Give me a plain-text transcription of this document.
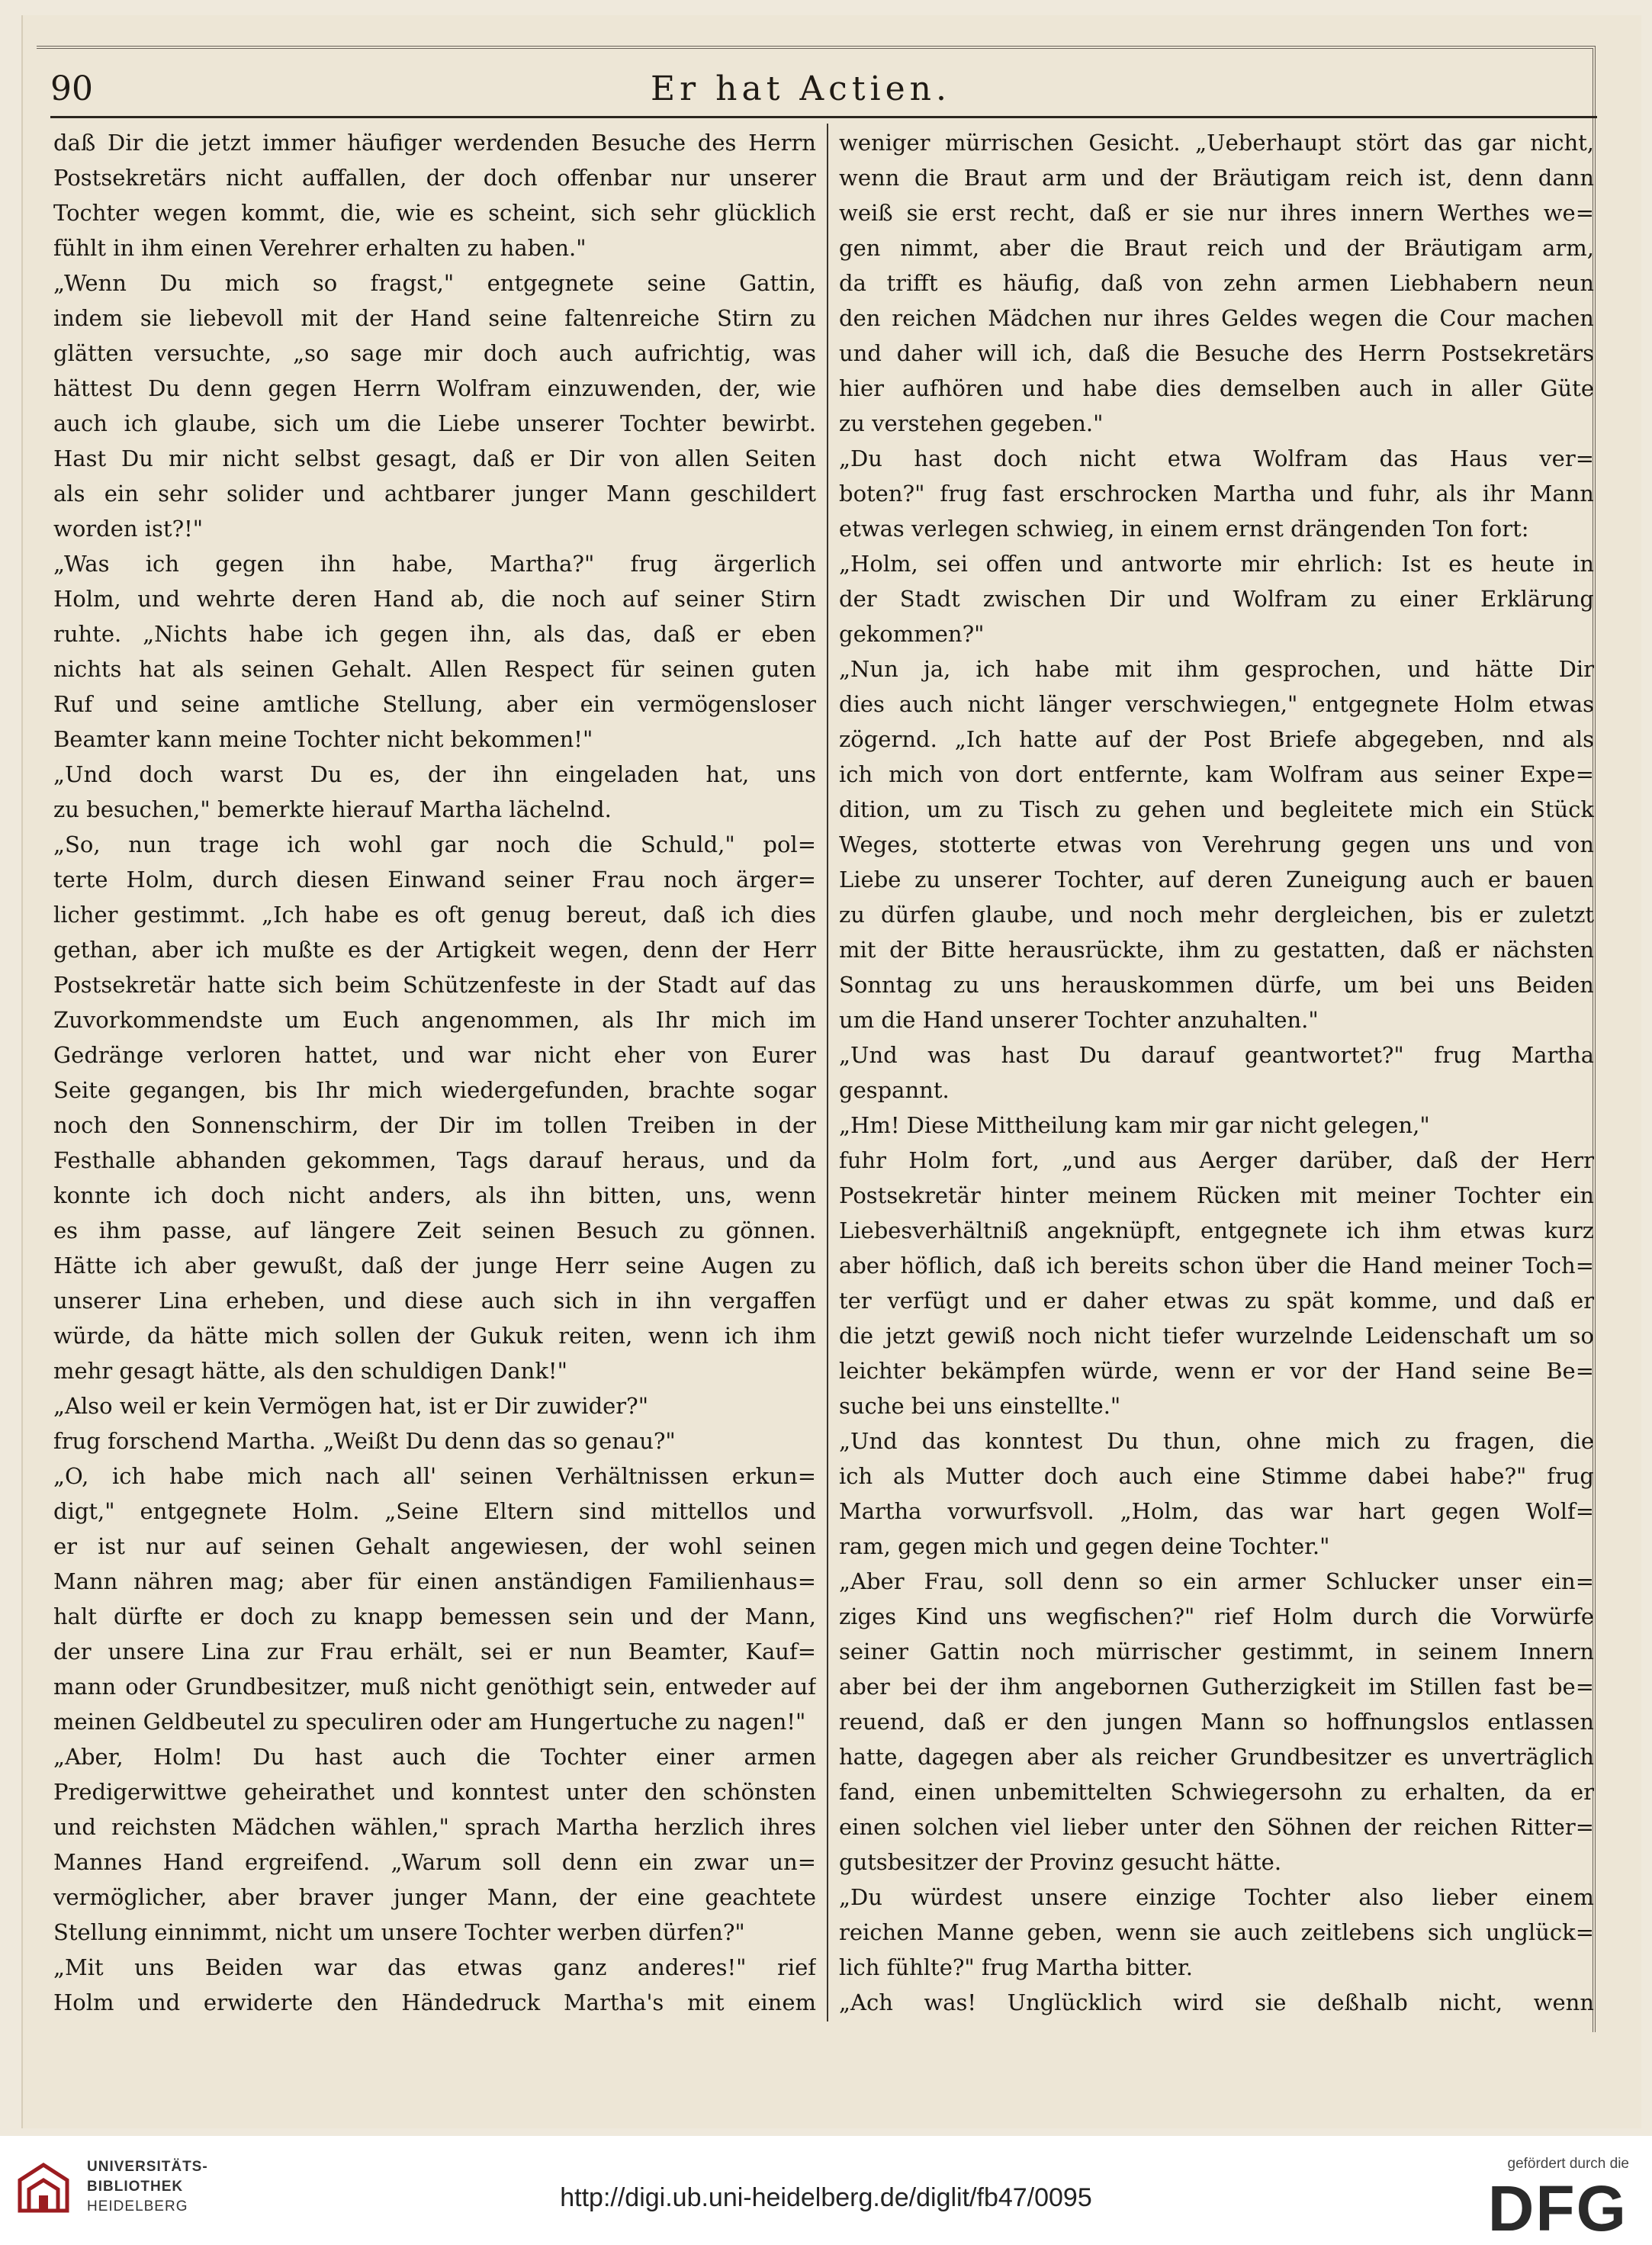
90	Er hat Actien.
daß Dir die jetzt immer häufiger werdenden Besuche des Herrn
Postsekretärs nicht auffallen, der doch offenbar nur unserer
Tochter wegen kommt, die, wie es scheint, sich sehr glücklich
fühlt in ihm einen Verehrer erhalten zu haben."
„Wenn Du mich so fragst," entgegnete seine Gattin,
indem sie liebevoll mit der Hand seine faltenreiche Stirn zu
glätten versuchte, „so sage mir doch auch aufrichtig, was
hättest Du denn gegen Herrn Wolfram einzuwenden, der, wie
auch ich glaube, sich um die Liebe unserer Tochter bewirbt.
Hast Du mir nicht selbst gesagt, daß er Dir von allen Seiten
als ein sehr solider und achtbarer junger Mann geschildert
worden ist?!"
„Was ich gegen ihn habe, Martha?" frug ärgerlich
Holm, und wehrte deren Hand ab, die noch auf seiner Stirn
ruhte. „Nichts habe ich gegen ihn, als das, daß er eben
nichts hat als seinen Gehalt. Allen Respect für seinen guten
Ruf und seine amtliche Stellung, aber ein vermögensloser
Beamter kann meine Tochter nicht bekommen!"
„Und doch warst Du es, der ihn eingeladen hat, uns
zu besuchen," bemerkte hierauf Martha lächelnd.
„So, nun trage ich wohl gar noch die Schuld," pol=
terte Holm, durch diesen Einwand seiner Frau noch ärger=
licher gestimmt. „Ich habe es oft genug bereut, daß ich dies
gethan, aber ich mußte es der Artigkeit wegen, denn der Herr
Postsekretär hatte sich beim Schützenfeste in der Stadt auf das
Zuvorkommendste um Euch angenommen, als Ihr mich im
Gedränge verloren hattet, und war nicht eher von Eurer
Seite gegangen, bis Ihr mich wiedergefunden, brachte sogar
noch den Sonnenschirm, der Dir im tollen Treiben in der
Festhalle abhanden gekommen, Tags darauf heraus, und da
konnte ich doch nicht anders, als ihn bitten, uns, wenn
es ihm passe, auf längere Zeit seinen Besuch zu gönnen.
Hätte ich aber gewußt, daß der junge Herr seine Augen zu
unserer Lina erheben, und diese auch sich in ihn vergaffen
würde, da hätte mich sollen der Gukuk reiten, wenn ich ihm
mehr gesagt hätte, als den schuldigen Dank!"
„Also weil er kein Vermögen hat, ist er Dir zuwider?"
frug forschend Martha. „Weißt Du denn das so genau?"
„O, ich habe mich nach all' seinen Verhältnissen erkun=
digt," entgegnete Holm. „Seine Eltern sind mittellos und
er ist nur auf seinen Gehalt angewiesen, der wohl seinen
Mann nähren mag; aber für einen anständigen Familienhaus=
halt dürfte er doch zu knapp bemessen sein und der Mann,
der unsere Lina zur Frau erhält, sei er nun Beamter, Kauf=
mann oder Grundbesitzer, muß nicht genöthigt sein, entweder auf
meinen Geldbeutel zu speculiren oder am Hungertuche zu nagen!"
„Aber, Holm! Du hast auch die Tochter einer armen
Predigerwittwe geheirathet und konntest unter den schönsten
und reichsten Mädchen wählen," sprach Martha herzlich ihres
Mannes Hand ergreifend. „Warum soll denn ein zwar un=
vermöglicher, aber braver junger Mann, der eine geachtete
Stellung einnimmt, nicht um unsere Tochter werben dürfen?"
„Mit uns Beiden war das etwas ganz anderes!" rief
Holm und erwiderte den Händedruck Martha's mit einem
weniger mürrischen Gesicht. „Ueberhaupt stört das gar nicht,
wenn die Braut arm und der Bräutigam reich ist, denn dann
weiß sie erst recht, daß er sie nur ihres innern Werthes we=
gen nimmt, aber die Braut reich und der Bräutigam arm,
da trifft es häufig, daß von zehn armen Liebhabern neun
den reichen Mädchen nur ihres Geldes wegen die Cour machen
und daher will ich, daß die Besuche des Herrn Postsekretärs
hier aufhören und habe dies demselben auch in aller Güte
zu verstehen gegeben."
„Du hast doch nicht etwa Wolfram das Haus ver=
boten?" frug fast erschrocken Martha und fuhr, als ihr Mann
etwas verlegen schwieg, in einem ernst drängenden Ton fort:
„Holm, sei offen und antworte mir ehrlich: Ist es heute in
der Stadt zwischen Dir und Wolfram zu einer Erklärung
gekommen?"
„Nun ja, ich habe mit ihm gesprochen, und hätte Dir
dies auch nicht länger verschwiegen," entgegnete Holm etwas
zögernd. „Ich hatte auf der Post Briefe abgegeben, nnd als
ich mich von dort entfernte, kam Wolfram aus seiner Expe=
dition, um zu Tisch zu gehen und begleitete mich ein Stück
Weges, stotterte etwas von Verehrung gegen uns und von
Liebe zu unserer Tochter, auf deren Zuneigung auch er bauen
zu dürfen glaube, und noch mehr dergleichen, bis er zuletzt
mit der Bitte herausrückte, ihm zu gestatten, daß er nächsten
Sonntag zu uns herauskommen dürfe, um bei uns Beiden
um die Hand unserer Tochter anzuhalten."
„Und was hast Du darauf geantwortet?" frug Martha
gespannt.
„Hm! Diese Mittheilung kam mir gar nicht gelegen,"
fuhr Holm fort, „und aus Aerger darüber, daß der Herr
Postsekretär hinter meinem Rücken mit meiner Tochter ein
Liebesverhältniß angeknüpft, entgegnete ich ihm etwas kurz
aber höflich, daß ich bereits schon über die Hand meiner Toch=
ter verfügt und er daher etwas zu spät komme, und daß er
die jetzt gewiß noch nicht tiefer wurzelnde Leidenschaft um so
leichter bekämpfen würde, wenn er vor der Hand seine Be=
suche bei uns einstellte."
„Und das konntest Du thun, ohne mich zu fragen, die
ich als Mutter doch auch eine Stimme dabei habe?" frug
Martha vorwurfsvoll. „Holm, das war hart gegen Wolf=
ram, gegen mich und gegen deine Tochter."
„Aber Frau, soll denn so ein armer Schlucker unser ein=
ziges Kind uns wegfischen?" rief Holm durch die Vorwürfe
seiner Gattin noch mürrischer gestimmt, in seinem Innern
aber bei der ihm angebornen Gutherzigkeit im Stillen fast be=
reuend, daß er den jungen Mann so hoffnungslos entlassen
hatte, dagegen aber als reicher Grundbesitzer es unverträglich
fand, einen unbemittelten Schwiegersohn zu erhalten, da er
einen solchen viel lieber unter den Söhnen der reichen Ritter=
gutsbesitzer der Provinz gesucht hätte.
„Du würdest unsere einzige Tochter also lieber einem
reichen Manne geben, wenn sie auch zeitlebens sich unglück=
lich fühlte?" frug Martha bitter.
„Ach was! Unglücklich wird sie deßhalb nicht, wenn
UNIVERSITÄTS-
BIBLIOTHEK
HEIDELBERG	http://digi.ub.uni-heidelberg.de/diglit/fb47/0095
gefördert durch die
DFG
